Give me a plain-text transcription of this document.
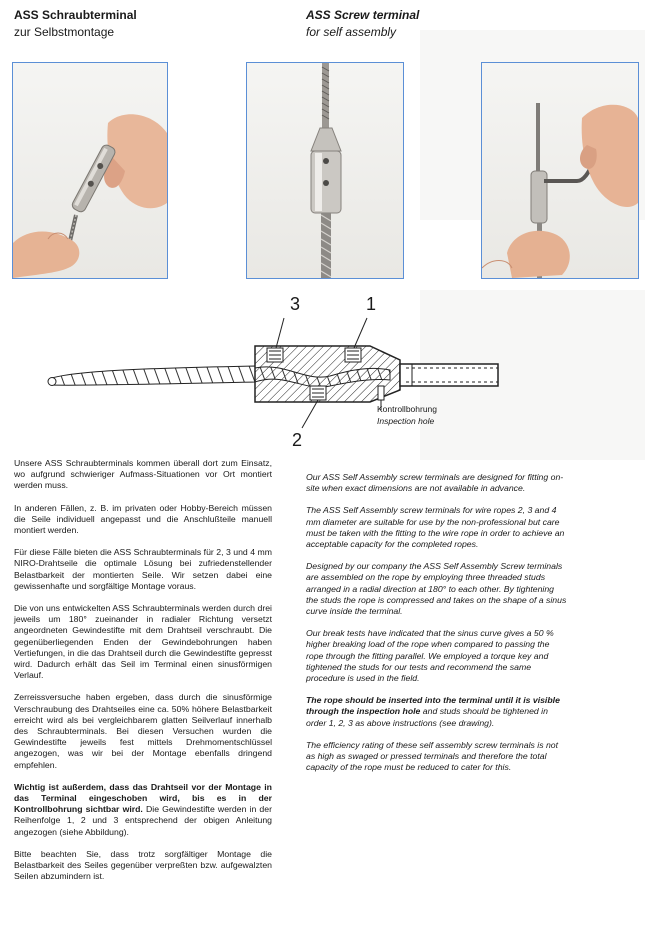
ASS Schraubterminal
zur Selbstmontage
ASS Screw terminal
for self assembly
3	1
2
Kontrollbohrung
Inspection hole

Unsere ASS Schraubterminals kommen überall dort zum Einsatz, wo aufgrund schwieriger Aufmass-Situationen vor Ort montiert werden muss.

In anderen Fällen, z. B. im privaten oder Hobby-Bereich müssen die Seile individuell angepasst und die Anschlußteile manuell montiert werden.

Für diese Fälle bieten die ASS Schraubterminals für 2, 3 und 4 mm NIRO-Drahtseile die optimale Lösung bei zufriedenstellender Belastbarkeit der montierten Seile. Wir setzen dabei eine gewissenhafte und sorgfältige Montage voraus.

Die von uns entwickelten ASS Schraubterminals werden durch drei jeweils um 180° zueinander in radialer Richtung versetzt angeordneten Gewindestifte mit dem Drahtseil verschraubt. Die gegenüberliegenden Enden der Gewindebohrungen haben Vertiefungen, in die das Drahtseil durch die Gewindestifte gepresst wird. Dadurch erhält das Seil im Terminal einen sinusförmigen Verlauf.

Zerreissversuche haben ergeben, dass durch die sinusförmige Verschraubung des Drahtseiles eine ca. 50% höhere Belastbarkeit erreicht wird als bei vergleichbarem glatten Seilverlauf innerhalb des Schraubterminals. Bei diesen Versuchen wurden die Gewindestifte jeweils fest mittels Drehmomentschlüssel angezogen, was wir bei der Montage ebenfalls dringend empfehlen.

Wichtig ist außerdem, dass das Drahtseil vor der Montage in das Terminal eingeschoben wird, bis es in der Kontrollbohrung sichtbar wird. Die Gewindestifte werden in der Reihenfolge 1, 2 und 3 entsprechend der obigen Anleitung angezogen (siehe Abbildung).

Bitte beachten Sie, dass trotz sorgfältiger Montage die Belastbarkeit des Seiles gegenüber verpreßten bzw. aufgewalzten Seilen abzumindern ist.

Our ASS Self Assembly screw terminals are designed for fitting on-site when exact dimensions are not available in advance.

The ASS Self Assembly screw terminals for wire ropes 2, 3 and 4 mm diameter are suitable for use by the non-professional but care must be taken with the fitting to the wire rope in order to achieve an acceptable capacity for the completed ropes.

Designed by our company the ASS Self Assembly Screw terminals are assembled on the rope by employing three threaded studs arranged in a radial direction at 180° to each other. By tightening the studs the rope is compressed and takes on the shape of a sinus curve inside the terminal.

Our break tests have indicated that the sinus curve gives a 50 % higher breaking load of the rope when compared to passing the rope through the fitting parallel. We employed a torque key and tightened the studs for our tests and recommend the same procedure is used in the field.

The rope should be inserted into the terminal until it is visible through the inspection hole and studs should be tightened in order 1, 2, 3 as above instructions (see drawing).

The efficiency rating of these self assembly screw terminals is not as high as swaged or pressed terminals and therefore the total capacity of the rope must be reduced to cater for this.
